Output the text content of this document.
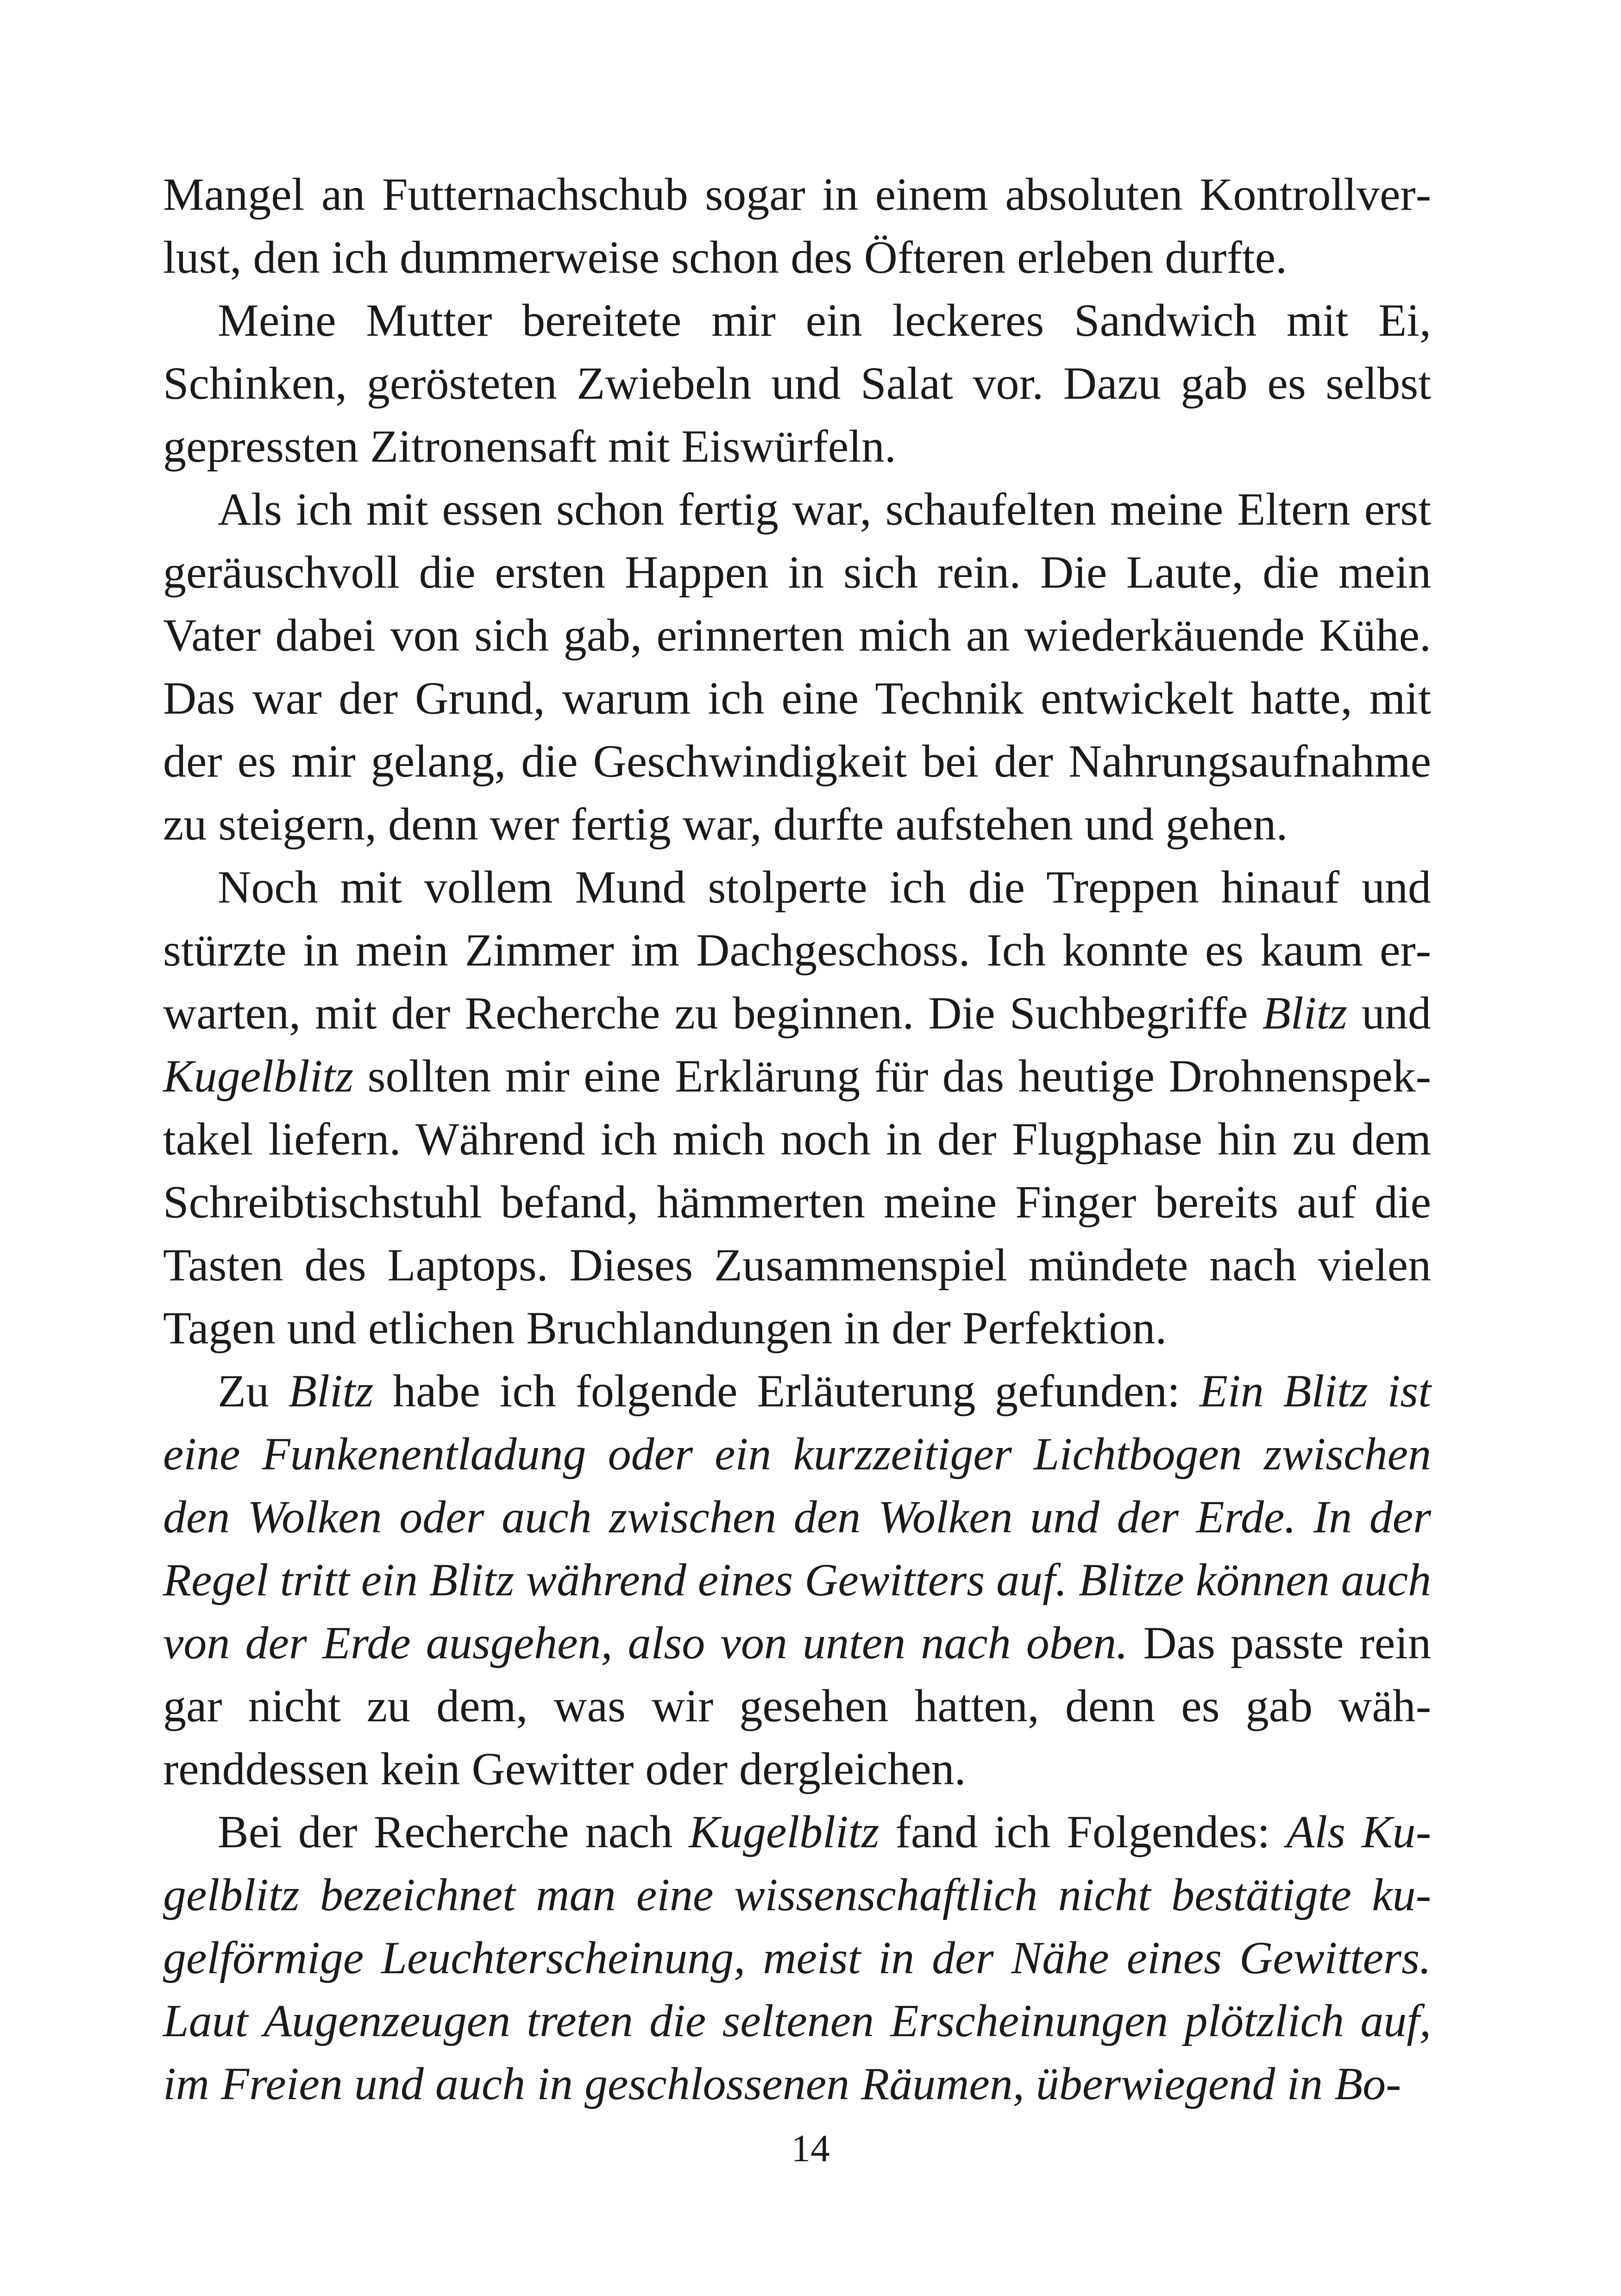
Mangel an Futternachschub sogar in einem absoluten Kontrollverlust, den ich dummerweise schon des Öfteren erleben durfte.

Meine Mutter bereitete mir ein leckeres Sandwich mit Ei, Schinken, gerösteten Zwiebeln und Salat vor. Dazu gab es selbst gepressten Zitronensaft mit Eiswürfeln.

Als ich mit essen schon fertig war, schaufelten meine Eltern erst geräuschvoll die ersten Happen in sich rein. Die Laute, die mein Vater dabei von sich gab, erinnerten mich an wiederkäuende Kühe. Das war der Grund, warum ich eine Technik entwickelt hatte, mit der es mir gelang, die Geschwindigkeit bei der Nahrungsaufnahme zu steigern, denn wer fertig war, durfte aufstehen und gehen.

Noch mit vollem Mund stolperte ich die Treppen hinauf und stürzte in mein Zimmer im Dachgeschoss. Ich konnte es kaum erwarten, mit der Recherche zu beginnen. Die Suchbegriffe Blitz und Kugelblitz sollten mir eine Erklärung für das heutige Drohnenspektakel liefern. Während ich mich noch in der Flugphase hin zu dem Schreibtischstuhl befand, hämmerten meine Finger bereits auf die Tasten des Laptops. Dieses Zusammenspiel mündete nach vielen Tagen und etlichen Bruchlandungen in der Perfektion.

Zu Blitz habe ich folgende Erläuterung gefunden: Ein Blitz ist eine Funkenentladung oder ein kurzzeitiger Lichtbogen zwischen den Wolken oder auch zwischen den Wolken und der Erde. In der Regel tritt ein Blitz während eines Gewitters auf. Blitze können auch von der Erde ausgehen, also von unten nach oben. Das passte rein gar nicht zu dem, was wir gesehen hatten, denn es gab währenddessen kein Gewitter oder dergleichen.

Bei der Recherche nach Kugelblitz fand ich Folgendes: Als Kugelblitz bezeichnet man eine wissenschaftlich nicht bestätigte kugelförmige Leuchterscheinung, meist in der Nähe eines Gewitters. Laut Augenzeugen treten die seltenen Erscheinungen plötzlich auf, im Freien und auch in geschlossenen Räumen, überwiegend in Bo-

14
